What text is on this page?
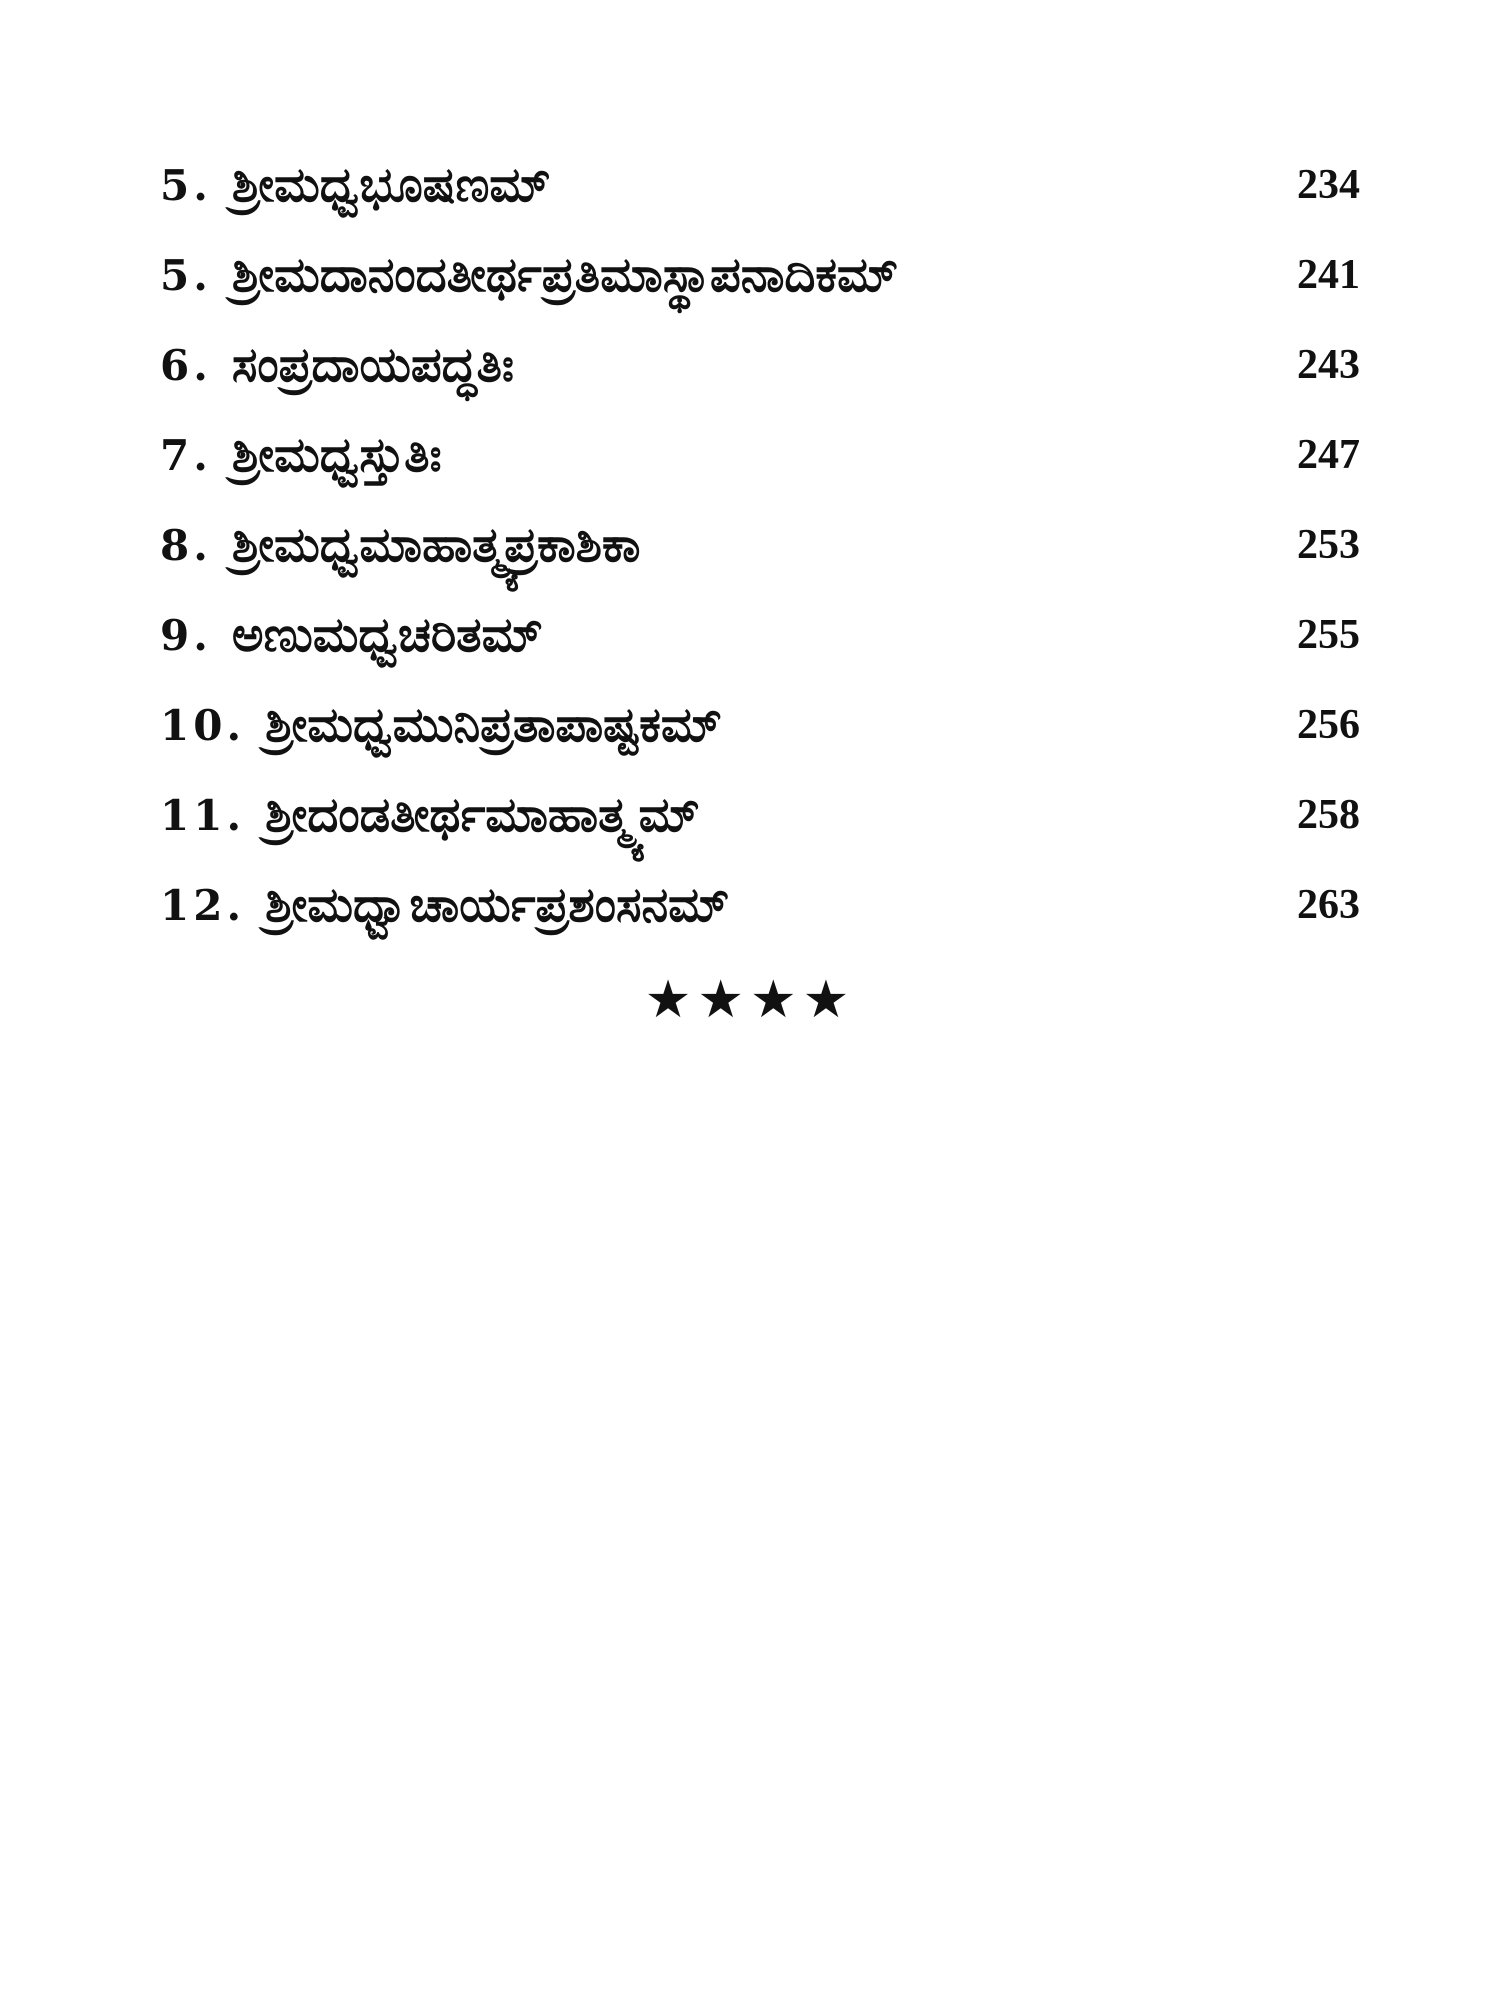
5. ಶ್ರೀಮಧ್ವಭೂಷಣಮ್	234
5. ಶ್ರೀಮದಾನಂದತೀರ್ಥಪ್ರತಿಮಾಸ್ಥಾಪನಾದಿಕಮ್	241
6. ಸಂಪ್ರದಾಯಪದ್ಧತಿಃ	243
7. ಶ್ರೀಮಧ್ವಸ್ತುತಿಃ	247
8. ಶ್ರೀಮಧ್ವಮಾಹಾತ್ಮ್ಯಪ್ರಕಾಶಿಕಾ	253
9. ಅಣುಮಧ್ವಚರಿತಮ್	255
10. ಶ್ರೀಮಧ್ವಮುನಿಪ್ರತಾಪಾಷ್ಟಕಮ್	256
11. ಶ್ರೀದಂಡತೀರ್ಥಮಾಹಾತ್ಮ್ಯಮ್	258
12. ಶ್ರೀಮಧ್ವಾಚಾರ್ಯಪ್ರಶಂಸನಮ್	263
★★★★
